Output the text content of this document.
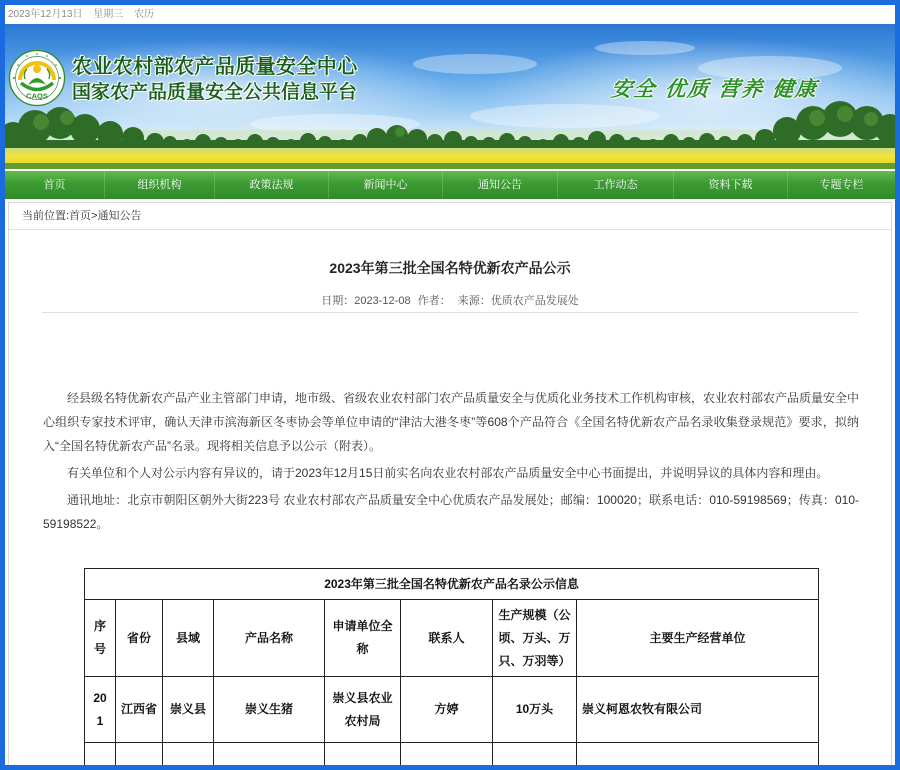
2023年12月13日 星期三 农历
CAQS
农业农村部农产品质量安全中心
国家农产品质量安全公共信息平台	安全 优质 营养 健康
首页	组织机构	政策法规	新闻中心	通知公告	工作动态	资料下载	专题专栏
当前位置:首页>通知公告
2023年第三批全国名特优新农产品公示
日期：2023-12-08 作者： 来源：优质农产品发展处

经县级名特优新农产品产业主管部门申请，地市级、省级农业农村部门农产品质量安全与优质化业务技术工作机构审核，农业农村部农产品质量安全中心组织专家技术评审，确认天津市滨海新区冬枣协会等单位申请的“津沽大港冬枣”等608个产品符合《全国名特优新农产品名录收集登录规范》要求，拟纳入“全国名特优新农产品”名录。现将相关信息予以公示（附表）。

有关单位和个人对公示内容有异议的，请于2023年12月15日前实名向农业农村部农产品质量安全中心书面提出，并说明异议的具体内容和理由。

通讯地址：北京市朝阳区朝外大街223号 农业农村部农产品质量安全中心优质农产品发展处；邮编：100020；联系电话：010-59198569；传真：010-59198522。

2023年第三批全国名特优新农产品名录公示信息							
序号	省份	县域	产品名称	申请单位全称	联系人	生产规模（公顷、万头、万只、万羽等）	主要生产经营单位
201	江西省	崇义县	崇义生猪	崇义县农业农村局	方婷	10万头	崇义柯恩农牧有限公司
